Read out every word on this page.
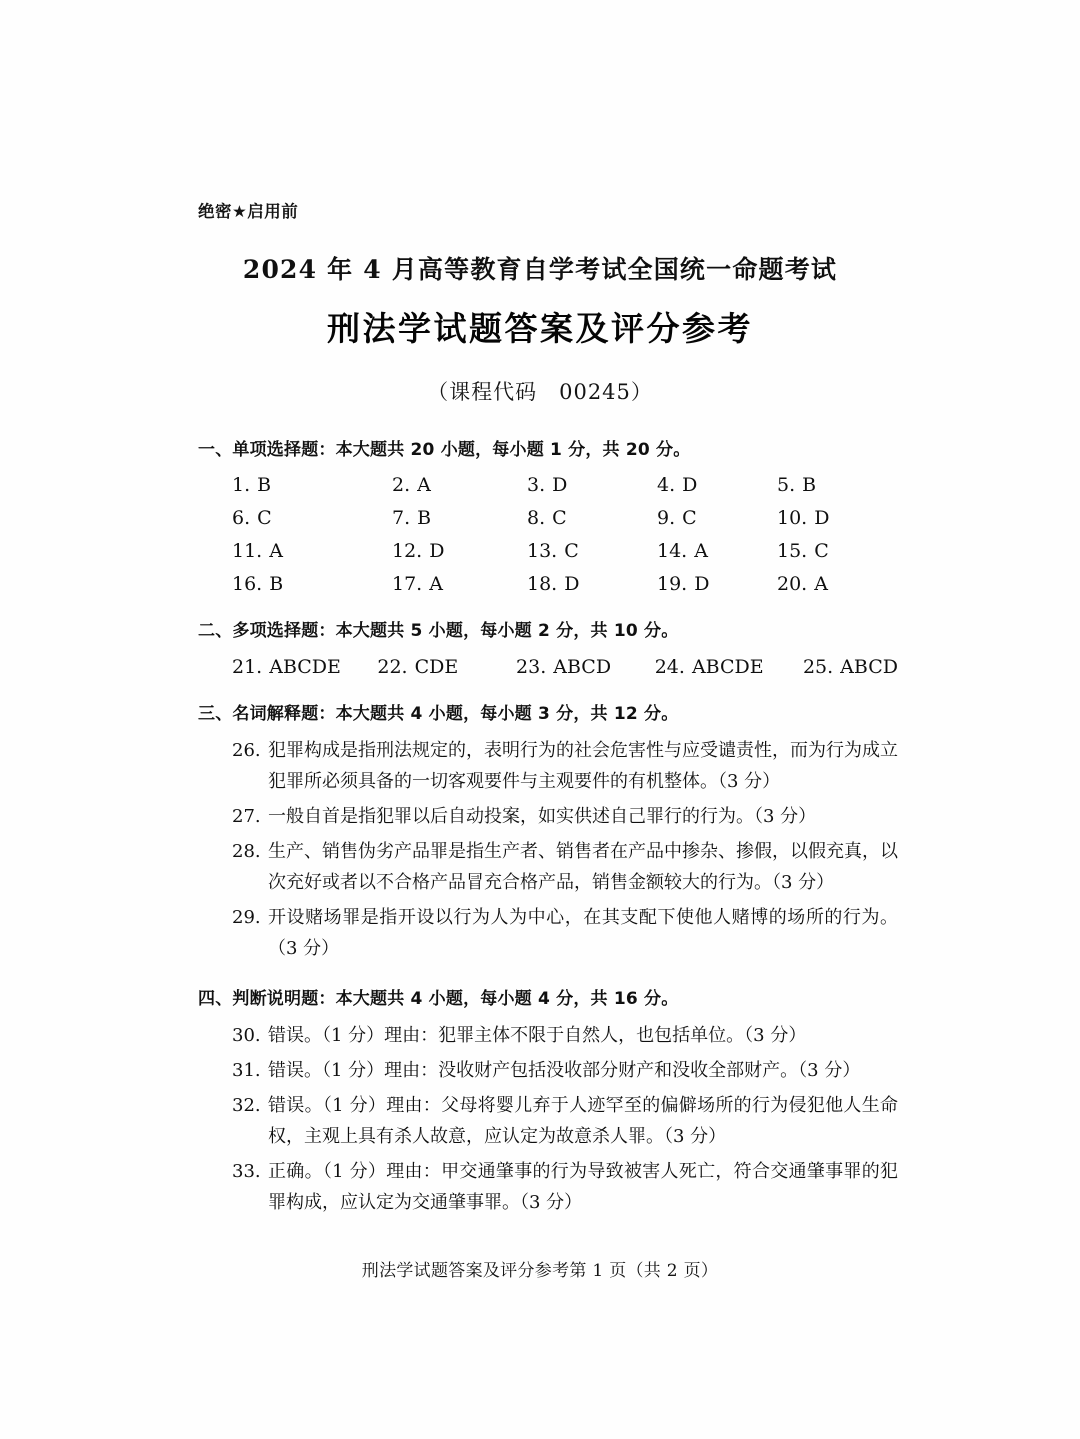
绝密★启用前
2024 年 4 月高等教育自学考试全国统一命题考试
刑法学试题答案及评分参考
（课程代码　00245）
一、单项选择题：本大题共 20 小题，每小题 1 分，共 20 分。
1. B	2. A	3. D	4. D	5. B
6. C	7. B	8. C	9. C	10. D
11. A	12. D	13. C	14. A	15. C
16. B	17. A	18. D	19. D	20. A
二、多项选择题：本大题共 5 小题，每小题 2 分，共 10 分。
21. ABCDE	22. CDE	23. ABCD	24. ABCDE	25. ABCD
三、名词解释题：本大题共 4 小题，每小题 3 分，共 12 分。
26. 犯罪构成是指刑法规定的，表明行为的社会危害性与应受谴责性，而为行为成立犯罪所必须具备的一切客观要件与主观要件的有机整体。（3 分）
27. 一般自首是指犯罪以后自动投案，如实供述自己罪行的行为。（3 分）
28. 生产、销售伪劣产品罪是指生产者、销售者在产品中掺杂、掺假，以假充真，以次充好或者以不合格产品冒充合格产品，销售金额较大的行为。（3 分）
29. 开设赌场罪是指开设以行为人为中心，在其支配下使他人赌博的场所的行为。（3 分）
四、判断说明题：本大题共 4 小题，每小题 4 分，共 16 分。
30. 错误。（1 分）理由：犯罪主体不限于自然人，也包括单位。（3 分）
31. 错误。（1 分）理由：没收财产包括没收部分财产和没收全部财产。（3 分）
32. 错误。（1 分）理由：父母将婴儿弃于人迹罕至的偏僻场所的行为侵犯他人生命权，主观上具有杀人故意，应认定为故意杀人罪。（3 分）
33. 正确。（1 分）理由：甲交通肇事的行为导致被害人死亡，符合交通肇事罪的犯罪构成，应认定为交通肇事罪。（3 分）
刑法学试题答案及评分参考第 1 页（共 2 页）
